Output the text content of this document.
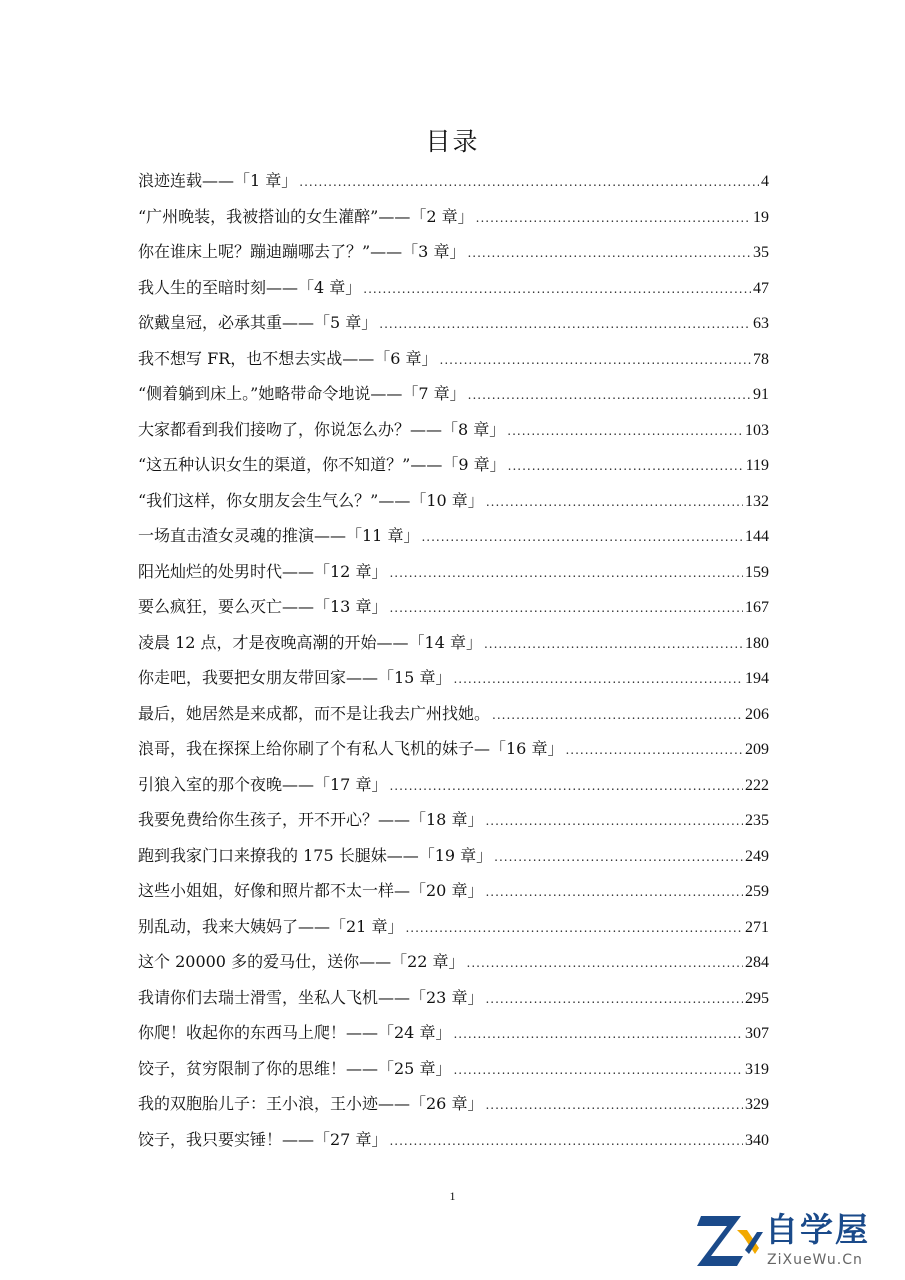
目录
浪迹连载——「1 章」 .....	4
“广州晚装，我被搭讪的女生灌醉”——「2 章」 .....	19
你在谁床上呢？蹦迪蹦哪去了？”——「3 章」 .....	35
我人生的至暗时刻——「4 章」 .....	47
欲戴皇冠，必承其重——「5 章」 .....	63
我不想写 FR，也不想去实战——「6 章」 .....	78
“侧着躺到床上。”她略带命令地说——「7 章」 .....	91
大家都看到我们接吻了，你说怎么办？——「8 章」 .....	103
“这五种认识女生的渠道，你不知道？”——「9 章」 .....	119
“我们这样，你女朋友会生气么？”——「10 章」 .....	132
一场直击渣女灵魂的推演——「11 章」 .....	144
阳光灿烂的处男时代——「12 章」 .....	159
要么疯狂，要么灭亡——「13 章」 .....	167
凌晨 12 点，才是夜晚高潮的开始——「14 章」 .....	180
你走吧，我要把女朋友带回家——「15 章」 .....	194
最后，她居然是来成都，而不是让我去广州找她。 .....	206
浪哥，我在探探上给你刷了个有私人飞机的妹子—「16 章」 .....	209
引狼入室的那个夜晚——「17 章」 .....	222
我要免费给你生孩子，开不开心？——「18 章」 .....	235
跑到我家门口来撩我的 175 长腿妹——「19 章」 .....	249
这些小姐姐，好像和照片都不太一样—「20 章」 .....	259
别乱动，我来大姨妈了——「21 章」 .....	271
这个 20000 多的爱马仕，送你——「22 章」 .....	284
我请你们去瑞士滑雪，坐私人飞机——「23 章」 .....	295
你爬！收起你的东西马上爬！——「24 章」 .....	307
饺子，贫穷限制了你的思维！——「25 章」 .....	319
我的双胞胎儿子：王小浪，王小迹——「26 章」 .....	329
饺子，我只要实锤！——「27 章」 .....	340
1
自学屋
ZiXueWu.Cn
